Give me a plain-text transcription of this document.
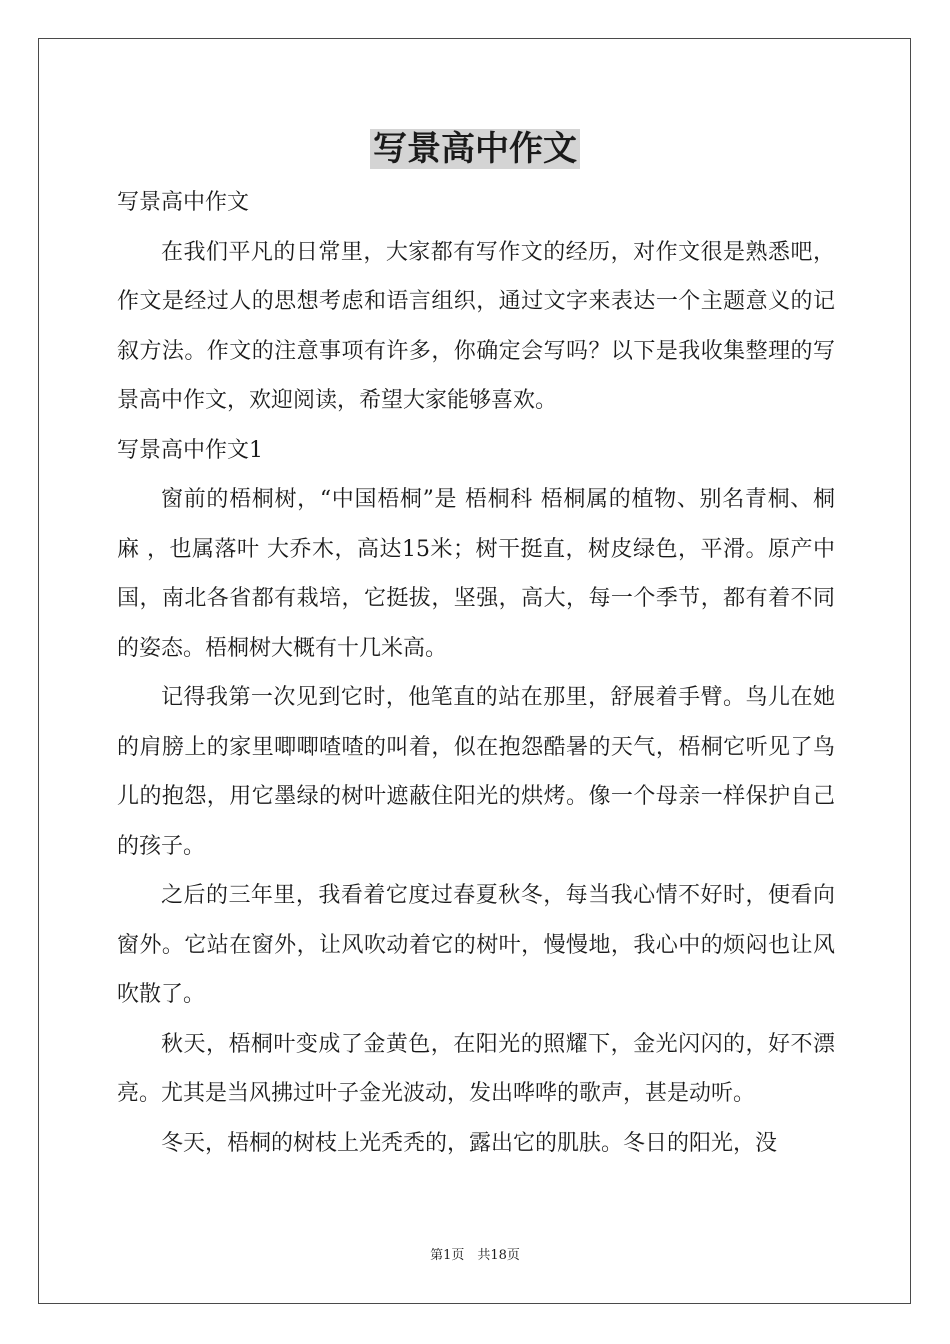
写景高中作文

写景高中作文

在我们平凡的日常里，大家都有写作文的经历，对作文很是熟悉吧，作文是经过人的思想考虑和语言组织，通过文字来表达一个主题意义的记叙方法。作文的注意事项有许多，你确定会写吗？以下是我收集整理的写景高中作文，欢迎阅读，希望大家能够喜欢。

写景高中作文1

窗前的梧桐树，“中国梧桐”是 梧桐科 梧桐属的植物、别名青桐、桐麻 ，也属落叶 大乔木，高达15米；树干挺直，树皮绿色，平滑。原产中国，南北各省都有栽培，它挺拔，坚强，高大，每一个季节，都有着不同的姿态。梧桐树大概有十几米高。

记得我第一次见到它时，他笔直的站在那里，舒展着手臂。鸟儿在她的肩膀上的家里唧唧喳喳的叫着，似在抱怨酷暑的天气，梧桐它听见了鸟儿的抱怨，用它墨绿的树叶遮蔽住阳光的烘烤。像一个母亲一样保护自己的孩子。

之后的三年里，我看着它度过春夏秋冬，每当我心情不好时，便看向窗外。它站在窗外，让风吹动着它的树叶，慢慢地，我心中的烦闷也让风吹散了。

秋天，梧桐叶变成了金黄色，在阳光的照耀下，金光闪闪的，好不漂亮。尤其是当风拂过叶子金光波动，发出哗哗的歌声，甚是动听。

冬天，梧桐的树枝上光秃秃的，露出它的肌肤。冬日的阳光，没

第1页　共18页
